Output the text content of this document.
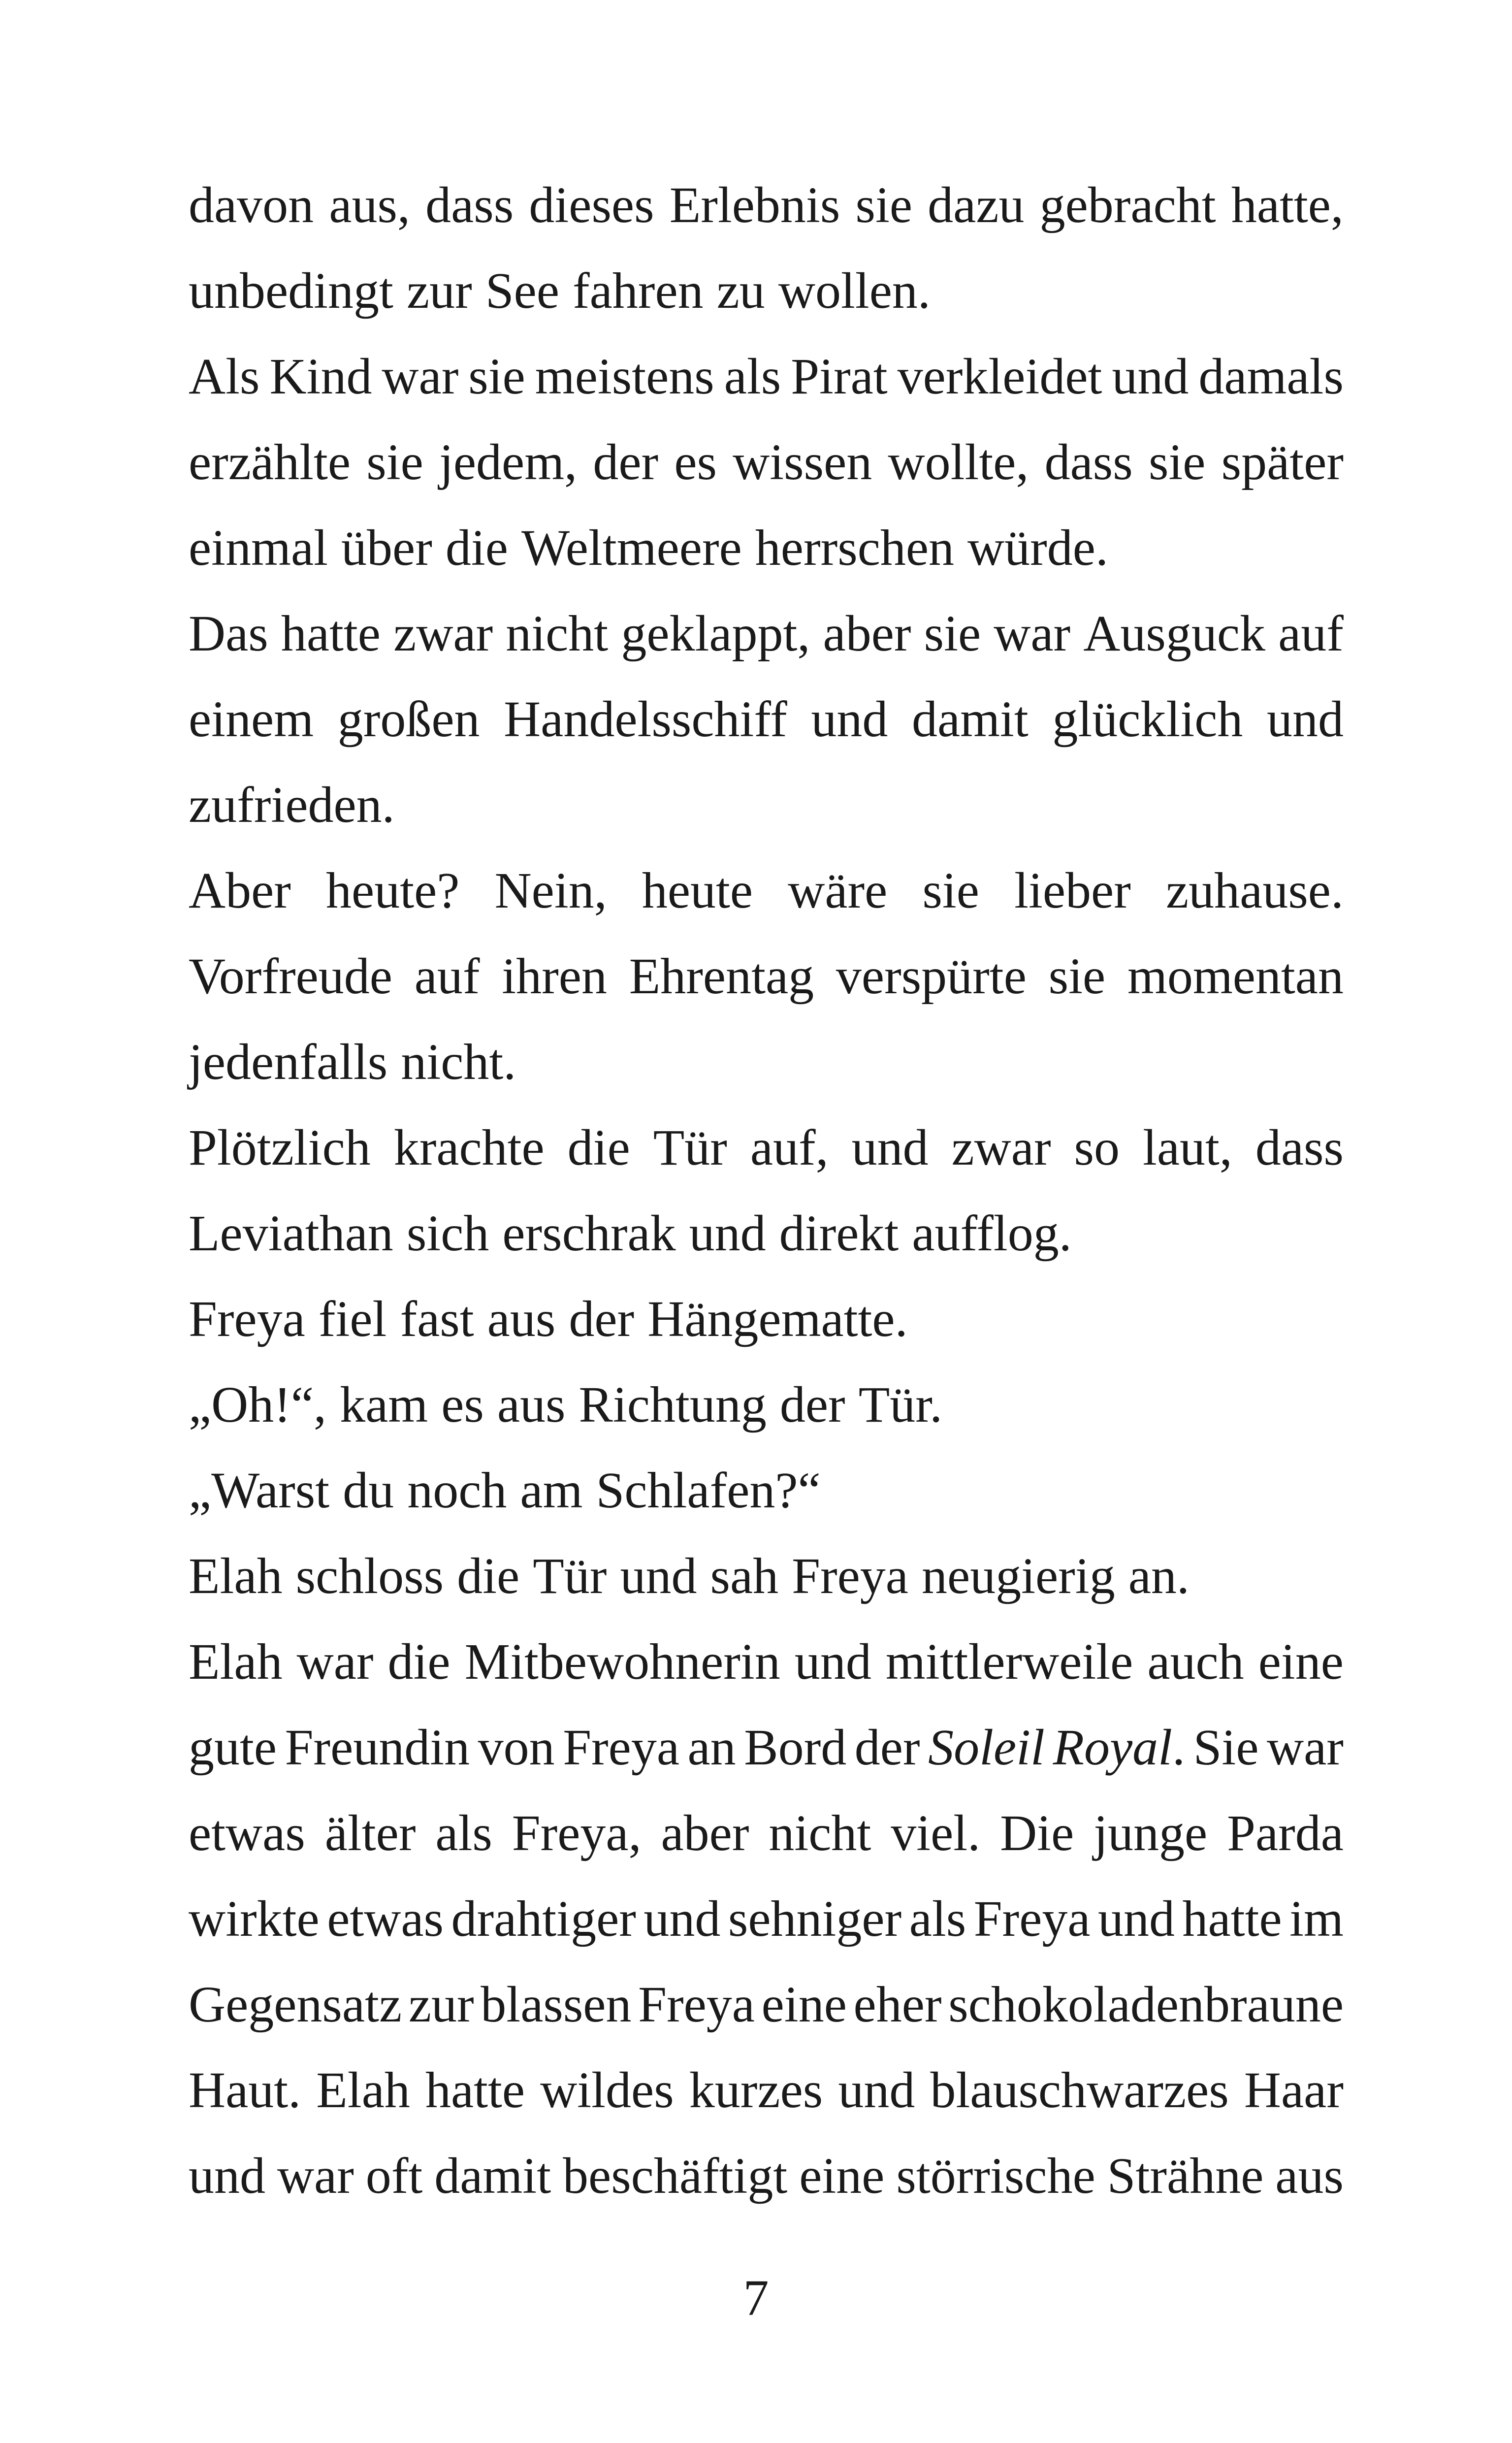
davon aus, dass dieses Erlebnis sie dazu gebracht hatte,
unbedingt zur See fahren zu wollen.
Als Kind war sie meistens als Pirat verkleidet und damals
erzählte sie jedem, der es wissen wollte, dass sie später
einmal über die Weltmeere herrschen würde.
Das hatte zwar nicht geklappt, aber sie war Ausguck auf
einem großen Handelsschiff und damit glücklich und
zufrieden.
Aber heute? Nein, heute wäre sie lieber zuhause.
Vorfreude auf ihren Ehrentag verspürte sie momentan
jedenfalls nicht.
Plötzlich krachte die Tür auf, und zwar so laut, dass
Leviathan sich erschrak und direkt aufflog.
Freya fiel fast aus der Hängematte.
„Oh!“, kam es aus Richtung der Tür.
„Warst du noch am Schlafen?“
Elah schloss die Tür und sah Freya neugierig an.
Elah war die Mitbewohnerin und mittlerweile auch eine
gute Freundin von Freya an Bord der Soleil Royal. Sie war
etwas älter als Freya, aber nicht viel. Die junge Parda
wirkte etwas drahtiger und sehniger als Freya und hatte im
Gegensatz zur blassen Freya eine eher schokoladenbraune
Haut. Elah hatte wildes kurzes und blauschwarzes Haar
und war oft damit beschäftigt eine störrische Strähne aus
7
